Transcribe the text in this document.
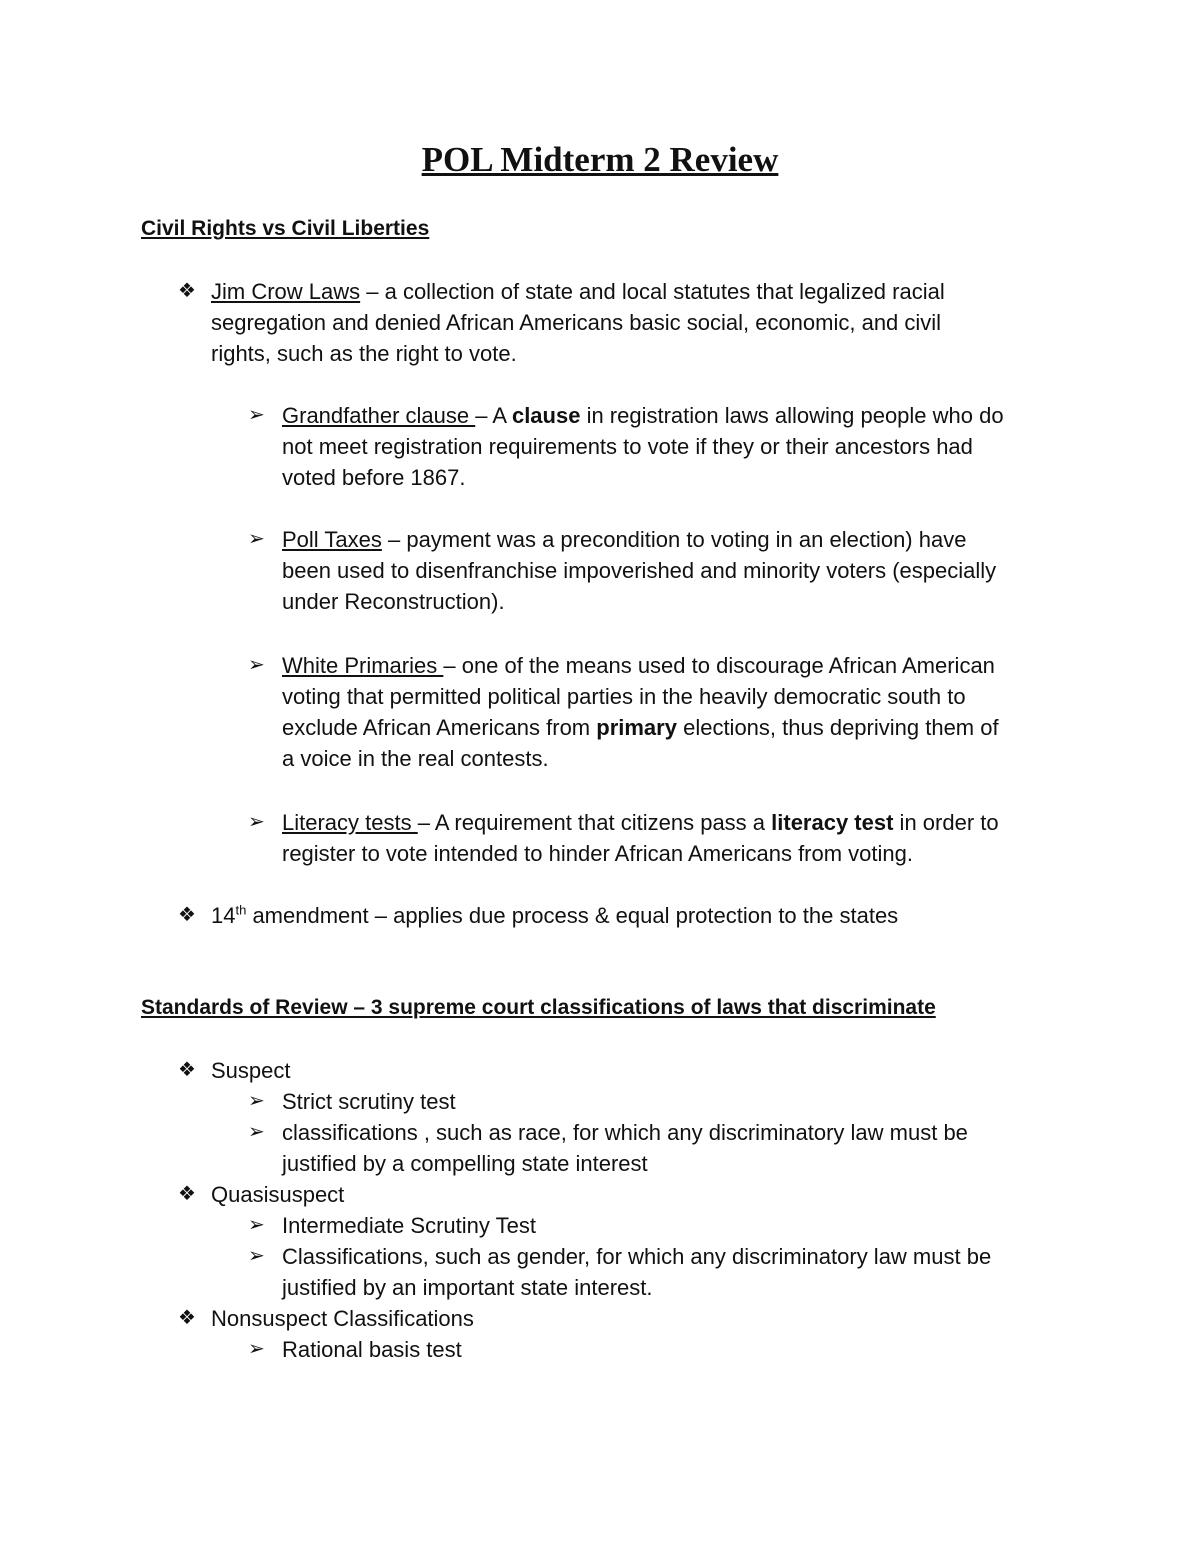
POL Midterm 2 Review
Civil Rights vs Civil Liberties
❖ Jim Crow Laws – a collection of state and local statutes that legalized racial
segregation and denied African Americans basic social, economic, and civil
rights, such as the right to vote.
➢ Grandfather clause – A clause in registration laws allowing people who do
not meet registration requirements to vote if they or their ancestors had
voted before 1867.
➢ Poll Taxes – payment was a precondition to voting in an election) have
been used to disenfranchise impoverished and minority voters (especially
under Reconstruction).
➢ White Primaries – one of the means used to discourage African American
voting that permitted political parties in the heavily democratic south to
exclude African Americans from primary elections, thus depriving them of
a voice in the real contests.
➢ Literacy tests – A requirement that citizens pass a literacy test in order to
register to vote intended to hinder African Americans from voting.
❖ 14th amendment – applies due process & equal protection to the states
Standards of Review – 3 supreme court classifications of laws that discriminate
❖ Suspect
➢ Strict scrutiny test
➢ classifications , such as race, for which any discriminatory law must be
justified by a compelling state interest
❖ Quasisuspect
➢ Intermediate Scrutiny Test
➢ Classifications, such as gender, for which any discriminatory law must be
justified by an important state interest.
❖ Nonsuspect Classifications
➢ Rational basis test
